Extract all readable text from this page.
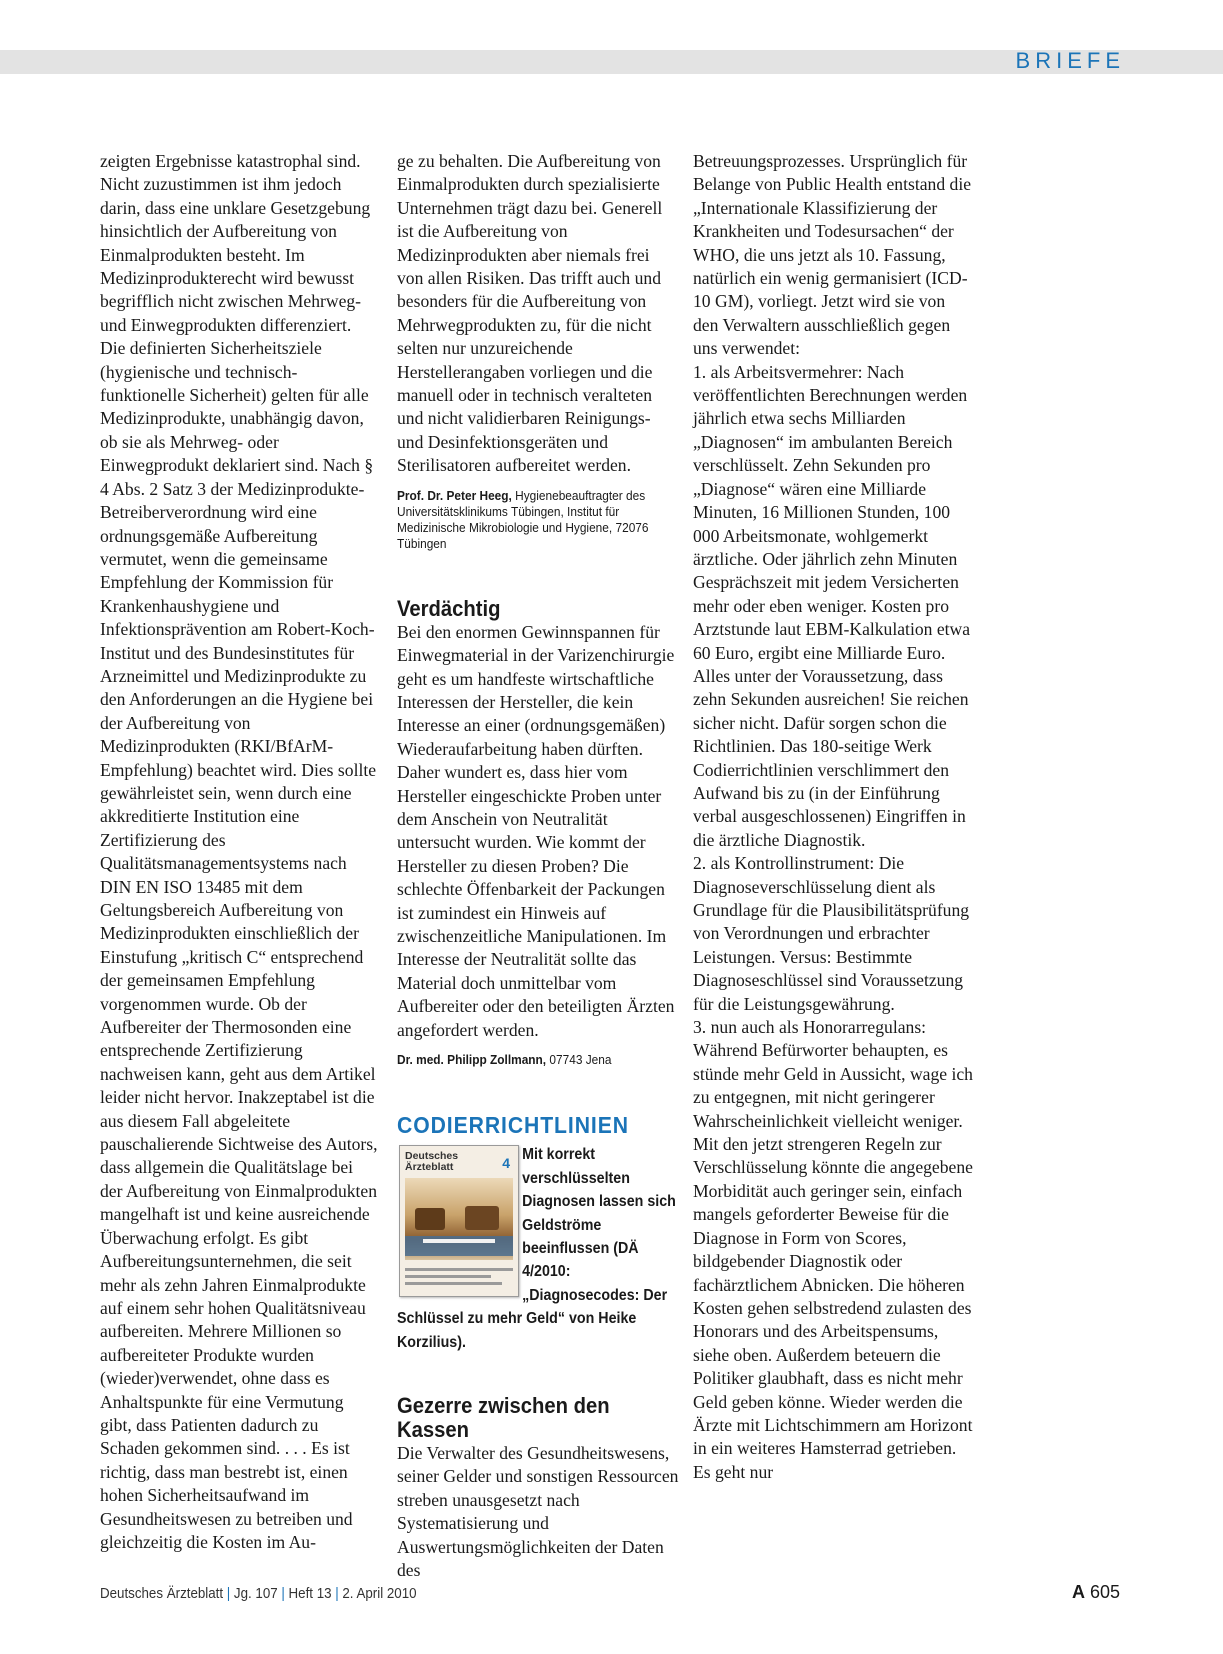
BRIEFE

zeigten Ergebnisse katastrophal sind. Nicht zuzustimmen ist ihm jedoch darin, dass eine unklare Gesetzgebung hinsichtlich der Aufbereitung von Einmalprodukten besteht. Im Medizinprodukterecht wird bewusst begrifflich nicht zwischen Mehrweg- und Einwegprodukten differenziert. Die definierten Sicherheitsziele (hygienische und technisch-funktionelle Sicherheit) gelten für alle Medizinprodukte, unabhängig davon, ob sie als Mehrweg- oder Einwegprodukt deklariert sind. Nach § 4 Abs. 2 Satz 3 der Medizinprodukte-Betreiberverordnung wird eine ordnungsgemäße Aufbereitung vermutet, wenn die gemeinsame Empfehlung der Kommission für Krankenhaushygiene und Infektionsprävention am Robert-Koch-Institut und des Bundesinstitutes für Arzneimittel und Medizinprodukte zu den Anforderungen an die Hygiene bei der Aufbereitung von Medizinprodukten (RKI/BfArM-Empfehlung) beachtet wird. Dies sollte gewährleistet sein, wenn durch eine akkreditierte Institution eine Zertifizierung des Qualitätsmanagementsystems nach DIN EN ISO 13485 mit dem Geltungsbereich Aufbereitung von Medizinprodukten einschließlich der Einstufung „kritisch C“ entsprechend der gemeinsamen Empfehlung vorgenommen wurde. Ob der Aufbereiter der Thermosonden eine entsprechende Zertifizierung nachweisen kann, geht aus dem Artikel leider nicht hervor. Inakzeptabel ist die aus diesem Fall abgeleitete pauschalierende Sichtweise des Autors, dass allgemein die Qualitätslage bei der Aufbereitung von Einmalprodukten mangelhaft ist und keine ausreichende Überwachung erfolgt. Es gibt Aufbereitungsunternehmen, die seit mehr als zehn Jahren Einmalprodukte auf einem sehr hohen Qualitätsniveau aufbereiten. Mehrere Millionen so aufbereiteter Produkte wurden (wieder)verwendet, ohne dass es Anhaltspunkte für eine Vermutung gibt, dass Patienten dadurch zu Schaden gekommen sind. . . . Es ist richtig, dass man bestrebt ist, einen hohen Sicherheitsaufwand im Gesundheitswesen zu betreiben und gleichzeitig die Kosten im Au-

ge zu behalten. Die Aufbereitung von Einmalprodukten durch spezialisierte Unternehmen trägt dazu bei. Generell ist die Aufbereitung von Medizinprodukten aber niemals frei von allen Risiken. Das trifft auch und besonders für die Aufbereitung von Mehrwegprodukten zu, für die nicht selten nur unzureichende Herstellerangaben vorliegen und die manuell oder in technisch veralteten und nicht validierbaren Reinigungs- und Desinfektionsgeräten und Sterilisatoren aufbereitet werden.

Prof. Dr. Peter Heeg, Hygienebeauftragter des Universitätsklinikums Tübingen, Institut für Medizinische Mikrobiologie und Hygiene, 72076 Tübingen

Verdächtig

Bei den enormen Gewinnspannen für Einwegmaterial in der Varizenchirurgie geht es um handfeste wirtschaftliche Interessen der Hersteller, die kein Interesse an einer (ordnungsgemäßen) Wiederaufarbeitung haben dürften. Daher wundert es, dass hier vom Hersteller eingeschickte Proben unter dem Anschein von Neutralität untersucht wurden. Wie kommt der Hersteller zu diesen Proben? Die schlechte Öffenbarkeit der Packungen ist zumindest ein Hinweis auf zwischenzeitliche Manipulationen. Im Interesse der Neutralität sollte das Material doch unmittelbar vom Aufbereiter oder den beteiligten Ärzten angefordert werden.

Dr. med. Philipp Zollmann, 07743 Jena

CODIERRICHTLINIEN
Deutsches Ärzteblatt	4 Mit korrekt verschlüsselten Diagnosen lassen sich Geldströme beeinflussen (DÄ 4/2010: „Diagnosecodes: Der Schlüssel zu mehr Geld“ von Heike Korzilius).
Gezerre zwischen den Kassen

Die Verwalter des Gesundheitswesens, seiner Gelder und sonstigen Ressourcen streben unausgesetzt nach Systematisierung und Auswertungsmöglichkeiten der Daten des

Betreuungsprozesses. Ursprünglich für Belange von Public Health entstand die „Internationale Klassifizierung der Krankheiten und Todesursachen“ der WHO, die uns jetzt als 10. Fassung, natürlich ein wenig germanisiert (ICD-10 GM), vorliegt. Jetzt wird sie von den Verwaltern ausschließlich gegen uns verwendet:
1. als Arbeitsvermehrer: Nach veröffentlichten Berechnungen werden jährlich etwa sechs Milliarden „Diagnosen“ im ambulanten Bereich verschlüsselt. Zehn Sekunden pro „Diagnose“ wären eine Milliarde Minuten, 16 Millionen Stunden, 100 000 Arbeitsmonate, wohlgemerkt ärztliche. Oder jährlich zehn Minuten Gesprächszeit mit jedem Versicherten mehr oder eben weniger. Kosten pro Arztstunde laut EBM-Kalkulation etwa 60 Euro, ergibt eine Milliarde Euro. Alles unter der Voraussetzung, dass zehn Sekunden ausreichen! Sie reichen sicher nicht. Dafür sorgen schon die Richtlinien. Das 180-seitige Werk Codierrichtlinien verschlimmert den Aufwand bis zu (in der Einführung verbal ausgeschlossenen) Eingriffen in die ärztliche Diagnostik.
2. als Kontrollinstrument: Die Diagnoseverschlüsselung dient als Grundlage für die Plausibilitätsprüfung von Verordnungen und erbrachter Leistungen. Versus: Bestimmte Diagnoseschlüssel sind Voraussetzung für die Leistungsgewährung.
3. nun auch als Honorarregulans: Während Befürworter behaupten, es stünde mehr Geld in Aussicht, wage ich zu entgegnen, mit nicht geringerer Wahrscheinlichkeit vielleicht weniger. Mit den jetzt strengeren Regeln zur Verschlüsselung könnte die angegebene Morbidität auch geringer sein, einfach mangels geforderter Beweise für die Diagnose in Form von Scores, bildgebender Diagnostik oder fachärztlichem Abnicken. Die höheren Kosten gehen selbstredend zulasten des Honorars und des Arbeitspensums, siehe oben. Außerdem beteuern die Politiker glaubhaft, dass es nicht mehr Geld geben könne. Wieder werden die Ärzte mit Lichtschimmern am Horizont in ein weiteres Hamsterrad getrieben. Es geht nur

Deutsches Ärzteblatt | Jg. 107 | Heft 13 | 2. April 2010	A 605
